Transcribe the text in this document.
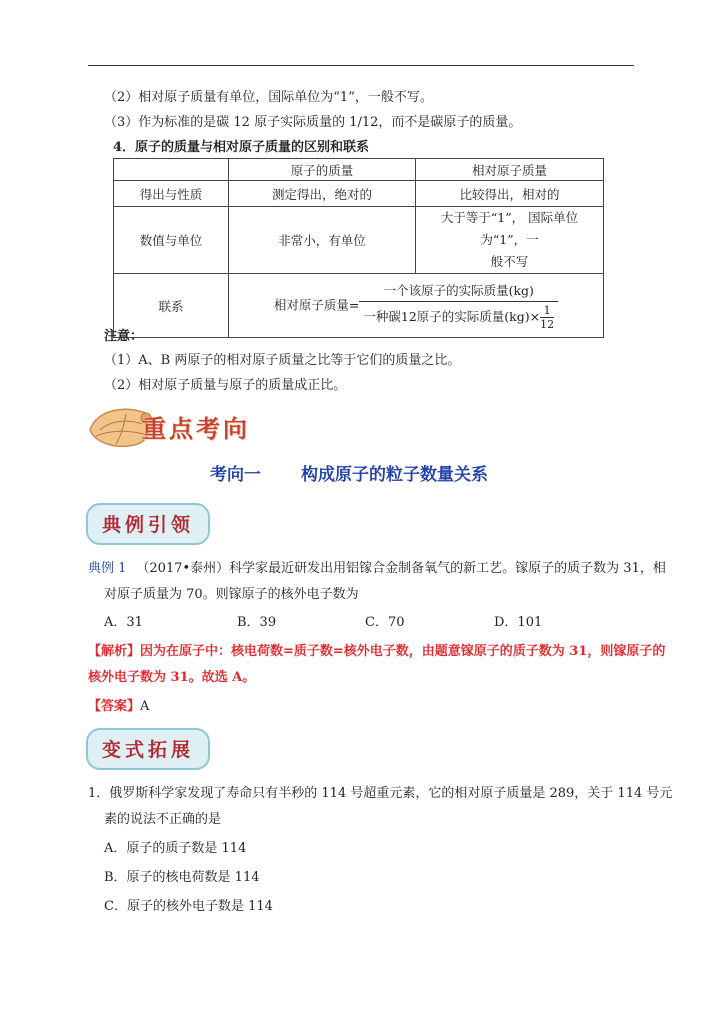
（2）相对原子质量有单位，国际单位为“1”，一般不写。
（3）作为标准的是碳 12 原子实际质量的 1/12，而不是碳原子的质量。
4．原子的质量与相对原子质量的区别和联系
	原子的质量	相对原子质量
得出与性质	测定得出，绝对的	比较得出，相对的
数值与单位	非常小，有单位	大于等于“1”， 国际单位为“1”，一
般不写

联系	相对原子质量= $\frac{\text{一个该原子的实际质量(kg)}}{一种碳12原子的实际质量(kg)\times \frac{1}{12}}$
注意：
（1）A、B 两原子的相对原子质量之比等于它们的质量之比。
（2）相对原子质量与原子的质量成正比。
重点考向
考向一 构成原子的粒子数量关系
典例引领
典例 1 （2017•泰州）科学家最近研发出用铝镓合金制备氧气的新工艺。镓原子的质子数为 31，相
对原子质量为 70。则镓原子的核外电子数为
A．31	B．39	C．70	D．101
【解析】因为在原子中：核电荷数=质子数=核外电子数，由题意镓原子的质子数为 31，则镓原子的
核外电子数为 31。故选 A。
【答案】A
变式拓展
1．俄罗斯科学家发现了寿命只有半秒的 114 号超重元素，它的相对原子质量是 289，关于 114 号元
素的说法不正确的是
A．原子的质子数是 114
B．原子的核电荷数是 114
C．原子的核外电子数是 114
